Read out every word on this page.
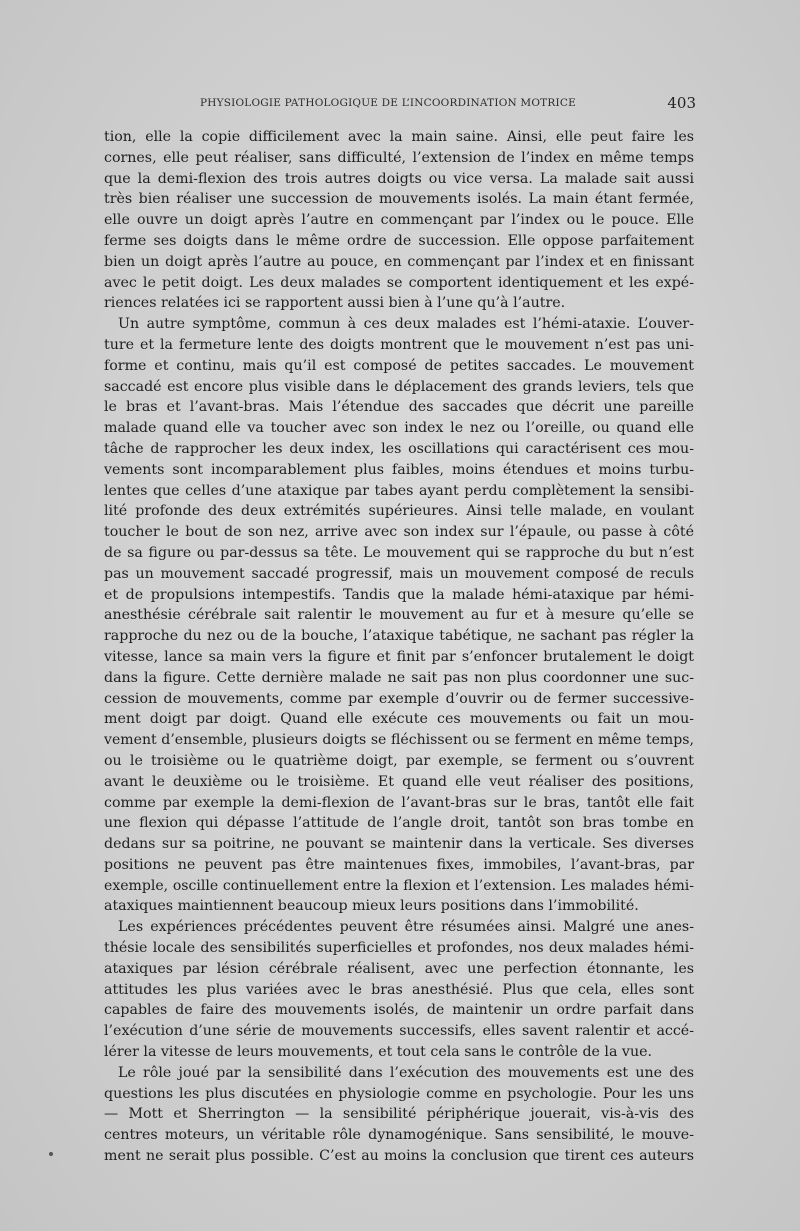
PHYSIOLOGIE PATHOLOGIQUE DE L’INCOORDINATION MOTRICE	403
tion, elle la copie difficilement avec la main saine. Ainsi, elle peut faire les
cornes, elle peut réaliser, sans difficulté, l’extension de l’index en même temps
que la demi-flexion des trois autres doigts ou vice versa. La malade sait aussi
très bien réaliser une succession de mouvements isolés. La main étant fermée,
elle ouvre un doigt après l’autre en commençant par l’index ou le pouce. Elle
ferme ses doigts dans le même ordre de succession. Elle oppose parfaitement
bien un doigt après l’autre au pouce, en commençant par l’index et en finissant
avec le petit doigt. Les deux malades se comportent identiquement et les expé-
riences relatées ici se rapportent aussi bien à l’une qu’à l’autre.
Un autre symptôme, commun à ces deux malades est l’hémi-ataxie. L’ouver-
ture et la fermeture lente des doigts montrent que le mouvement n’est pas uni-
forme et continu, mais qu’il est composé de petites saccades. Le mouvement
saccadé est encore plus visible dans le déplacement des grands leviers, tels que
le bras et l’avant-bras. Mais l’étendue des saccades que décrit une pareille
malade quand elle va toucher avec son index le nez ou l’oreille, ou quand elle
tâche de rapprocher les deux index, les oscillations qui caractérisent ces mou-
vements sont incomparablement plus faibles, moins étendues et moins turbu-
lentes que celles d’une ataxique par tabes ayant perdu complètement la sensibi-
lité profonde des deux extrémités supérieures. Ainsi telle malade, en voulant
toucher le bout de son nez, arrive avec son index sur l’épaule, ou passe à côté
de sa figure ou par-dessus sa tête. Le mouvement qui se rapproche du but n’est
pas un mouvement saccadé progressif, mais un mouvement composé de reculs
et de propulsions intempestifs. Tandis que la malade hémi-ataxique par hémi-
anesthésie cérébrale sait ralentir le mouvement au fur et à mesure qu’elle se
rapproche du nez ou de la bouche, l’ataxique tabétique, ne sachant pas régler la
vitesse, lance sa main vers la figure et finit par s’enfoncer brutalement le doigt
dans la figure. Cette dernière malade ne sait pas non plus coordonner une suc-
cession de mouvements, comme par exemple d’ouvrir ou de fermer successive-
ment doigt par doigt. Quand elle exécute ces mouvements ou fait un mou-
vement d’ensemble, plusieurs doigts se fléchissent ou se ferment en même temps,
ou le troisième ou le quatrième doigt, par exemple, se ferment ou s’ouvrent
avant le deuxième ou le troisième. Et quand elle veut réaliser des positions,
comme par exemple la demi-flexion de l’avant-bras sur le bras, tantôt elle fait
une flexion qui dépasse l’attitude de l’angle droit, tantôt son bras tombe en
dedans sur sa poitrine, ne pouvant se maintenir dans la verticale. Ses diverses
positions ne peuvent pas être maintenues fixes, immobiles, l’avant-bras, par
exemple, oscille continuellement entre la flexion et l’extension. Les malades hémi-
ataxiques maintiennent beaucoup mieux leurs positions dans l’immobilité.
Les expériences précédentes peuvent être résumées ainsi. Malgré une anes-
thésie locale des sensibilités superficielles et profondes, nos deux malades hémi-
ataxiques par lésion cérébrale réalisent, avec une perfection étonnante, les
attitudes les plus variées avec le bras anesthésié. Plus que cela, elles sont
capables de faire des mouvements isolés, de maintenir un ordre parfait dans
l’exécution d’une série de mouvements successifs, elles savent ralentir et accé-
lérer la vitesse de leurs mouvements, et tout cela sans le contrôle de la vue.
Le rôle joué par la sensibilité dans l’exécution des mouvements est une des
questions les plus discutées en physiologie comme en psychologie. Pour les uns
— Mott et Sherrington — la sensibilité périphérique jouerait, vis-à-vis des
centres moteurs, un véritable rôle dynamogénique. Sans sensibilité, le mouve-
ment ne serait plus possible. C’est au moins la conclusion que tirent ces auteurs
